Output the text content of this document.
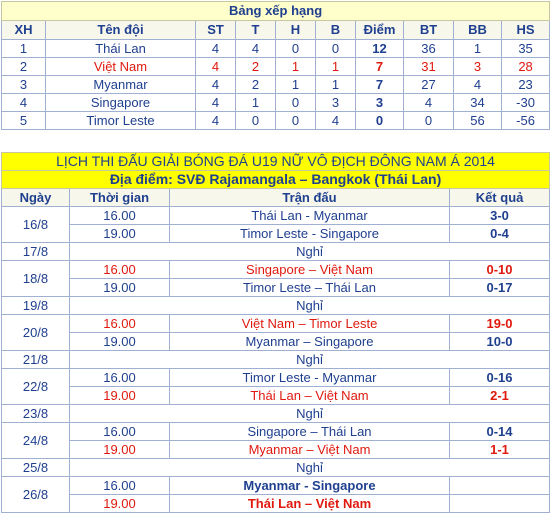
Bảng xếp hạng									
XH	Tên đội	ST	T	H	B	Điểm	BT	BB	HS
1	Thái Lan	4	4	0	0	12	36	1	35
2	Việt Nam	4	2	1	1	7	31	3	28
3	Myanmar	4	2	1	1	7	27	4	23
4	Singapore	4	1	0	3	3	4	34	-30
5	Timor Leste	4	0	0	4	0	0	56	-56
LỊCH THI ĐẤU GIẢI BÓNG ĐÁ U19 NỮ VÔ ĐỊCH ĐÔNG NAM Á 2014			
Địa điểm: SVĐ Rajamangala – Bangkok (Thái Lan)			
Ngày	Thời gian	Trận đấu	Kết quả
16/8	16.00	Thái Lan - Myanmar	3-0
	19.00	Timor Leste - Singapore	0-4
17/8	Nghỉ		
18/8	16.00	Singapore – Việt Nam	0-10
	19.00	Timor Leste – Thái Lan	0-17
19/8	Nghỉ		
20/8	16.00	Việt Nam – Timor Leste	19-0
	19.00	Myanmar – Singapore	10-0
21/8	Nghỉ		
22/8	16.00	Timor Leste - Myanmar	0-16
	19.00	Thái Lan – Việt Nam	2-1
23/8	Nghỉ		
24/8	16.00	Singapore – Thái Lan	0-14
	19.00	Myanmar – Việt Nam	1-1
25/8	Nghỉ		
26/8	16.00	Myanmar - Singapore	
	19.00	Thái Lan – Việt Nam	
